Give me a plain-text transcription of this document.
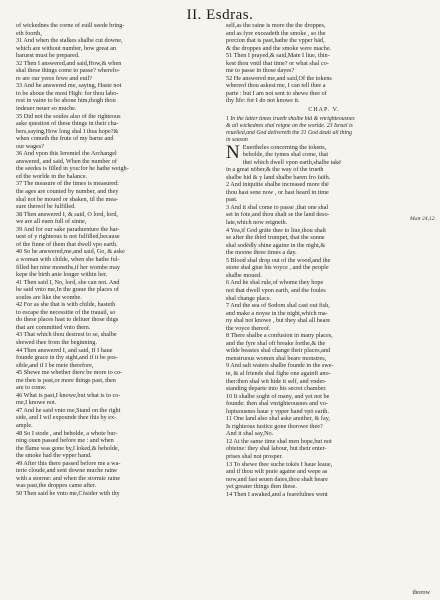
II. Esdras.
of wickednes the corne of euill seede bring-
eth foorth,
31 And when the stalkes shalbe cut downe,
which are without number, how great an
haruest must be prepared.
32 Then I answered,and said,How,& when
shal these things come to passe? wherefo-
re are our yeres fewe and euil?
33 And he answered me, saying, Haste not
to be aboue the most High: for thou labo-
rest in vaine to be aboue him,thogh thou
indeuer neuer so muche.
35 Did not the soules also of the righteous
aske question of these things in their cha-
bers,saying,How long shal I thus hope?&
when cometh the frute of my barne and
our wages?
36 And vpon this Ieremiel the Archangel
answered, and said, When the number of
the seedes is filled in you:for he hathe weigh-
ed the worlde in the balance.
37 The measure of the times is measured:
the ages are counted by number, and they
shal not be moued or shaken, til the mea-
sure thereof be fulfilled.
38 Then answered I, & said, O lord, lord,
we are all euen full of sinne,
39 And for our sake paraduenture the har-
uest of y righteous is not fulfilled,because
of the finne of them that dwell vpo earth.
40 So he answered,me,and said, Go, & aske
a woman with childe, when she hathe ful-
filled her nine moneths,if her wombe may
kepe the birth anie longer within her.
41 Then said I, No, lord, she can not. And
he said vnto me,In the graue the places of
soules are like the wombe.
42 For as she that is with childe, hasteth
to escape the necessitie of the trauail, so
do these places hast to deliuer those thigs
that are committed vnto them.
43 That which thou desirest to se, shalbe
shewed thee from the beginning.
44 Then answered I, and said, If I haue
founde grace in thy sight,and if it be pos-
sible,and if I be mete therefore,
45 Shewe me whether there be more to co-
me then is past,or more things past, then
are to come.
46 What is past,I knowe,but what is to co-
me,I knowe not.
47 And he said vnto me,Stand on the right
side, and I wil expounde thee this by ex-
ample.
48 So I stode , and beholde, a whote bur-
ning ouen passed before me : and when
the flame was gone by,I loked,& beholde,
the smoke had the vpper hand.
49 After this there passed before me a wa-
terie cloude,and sent downe muche raine
with a storme: and when the stormie raine
was past,the droppes came after.
50 Then said he vnto me,Cõsider with thy
self,as the raine is more the the droppes,
and as fyre exceadeth the smoke , so the
porcion that is past,hathe the vpper hād,
& the droppes and the smoke were mache.
51 Then I prayed,& said,Mate I liue, thin-
kest thou vntil that time? or what shal co-
me to passe in those dayes?
52 He answered me,and said,Of the tokens
whereof thou askest me, I can tell thee a
parte : but I am not sent to shewe thee of
thy life: for I do not knowe it.
CHAP. V.
1 In the latter times trueth shalbe hid & vnrighteousnes
& all wickednes shal reigne on the worlde. 23 Israel is
reueiled,and God delivereth the 31 God dealt all thing
in season
N Euertheles concerning the tokens,
beholde, the tymes shal come, that
thei which dwell vpon earth,shalbe takē
in a great nöber,& the way of the trueth
shalbe hid & y land shalbe baren fro faith.
2 And iniquitie shalbe increased more thē
thou hast sene now , or hast heard in time
past.
3 And it shal come to passe ,that one shal
set in fote,and thou shalt se the land deso-
late,which now reigneth.
4 Yea,if God grāte thee to liue,thou shalt
se after the third trumpet, that the sonne
shal sodēdly shine againe in the night,&
the moone three times a day.
5 Blood shal drop out of the wood,and the
stone shal giue his voyce , and the people
shalbe moued.
6 And he shal rule,of whome they hope
not that dwell vpon earth, and the foules
shal change place.
7 And the sea of Sodom shal cast out fish,
and make a noyse in the night,which ma-
ny shal not knowe , but they shal all heare
the voyce thereof.
8 There shalbe a confusion in many places,
and the fyre shal oft breake forthe,& the
wilde beastes shal change their places,and
menstruous women shal beare monstres,
9 And salt waters shalbe founde in the swe-
te, & al friends shal fighe one againft ano-
ther:then shal wit hide it self, and vnder-
standing departe into his secret chamber.
10 It shalbe soght of many, and yet not be
founde: then shal vnrighteousnes and vo-
luptuousnes haue y vpper hand vpō earth.
11 One land also shal aske another, & fay,
Is righteous iustice gone thorowe thee?
And it shal say,No.
12 At the same time shal men hope,but not
obteine: they shal labour, but their enter-
prises shal not prosper.
13 To shewe thee suche tokēs I haue leaue,
and if thou wilt praie againe and wepe as
now,and fast seuen daies,thou shalt heare
yet greater things then these.
14 Then I awaked,and a fearefulnes went
Matt 24,12.
thorow
